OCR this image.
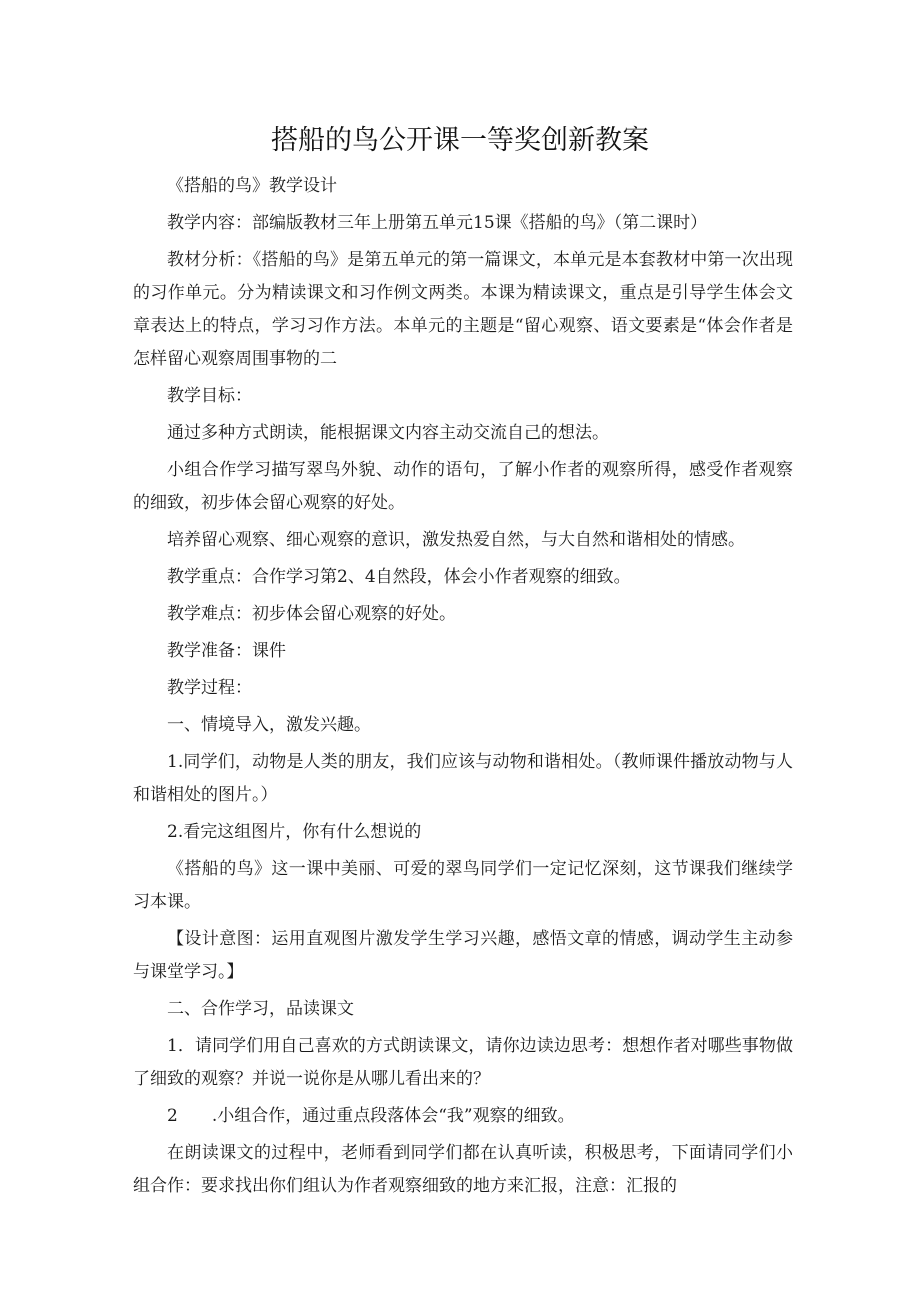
搭船的鸟公开课一等奖创新教案

《搭船的鸟》教学设计

教学内容：部编版教材三年上册第五单元15课《搭船的鸟》（第二课时）

教材分析：《搭船的鸟》是第五单元的第一篇课文，本单元是本套教材中第一次出现的习作单元。分为精读课文和习作例文两类。本课为精读课文，重点是引导学生体会文章表达上的特点，学习习作方法。本单元的主题是“留心观察、语文要素是“体会作者是怎样留心观察周围事物的二

教学目标：

通过多种方式朗读，能根据课文内容主动交流自己的想法。

小组合作学习描写翠鸟外貌、动作的语句，了解小作者的观察所得，感受作者观察的细致，初步体会留心观察的好处。

培养留心观察、细心观察的意识，激发热爱自然，与大自然和谐相处的情感。

教学重点：合作学习第2、4自然段，体会小作者观察的细致。

教学难点：初步体会留心观察的好处。

教学准备：课件

教学过程：

一、情境导入，激发兴趣。

1.同学们，动物是人类的朋友，我们应该与动物和谐相处。（教师课件播放动物与人和谐相处的图片。）

2.看完这组图片，你有什么想说的

《搭船的鸟》这一课中美丽、可爱的翠鸟同学们一定记忆深刻，这节课我们继续学习本课。

【设计意图：运用直观图片激发学生学习兴趣，感悟文章的情感，调动学生主动参与课堂学习。】

二、合作学习，品读课文

1．请同学们用自己喜欢的方式朗读课文，请你边读边思考：想想作者对哪些事物做了细致的观察？并说一说你是从哪儿看出来的？

2　　.小组合作，通过重点段落体会“我”观察的细致。

在朗读课文的过程中，老师看到同学们都在认真听读，积极思考，下面请同学们小组合作：要求找出你们组认为作者观察细致的地方来汇报，注意：汇报的
